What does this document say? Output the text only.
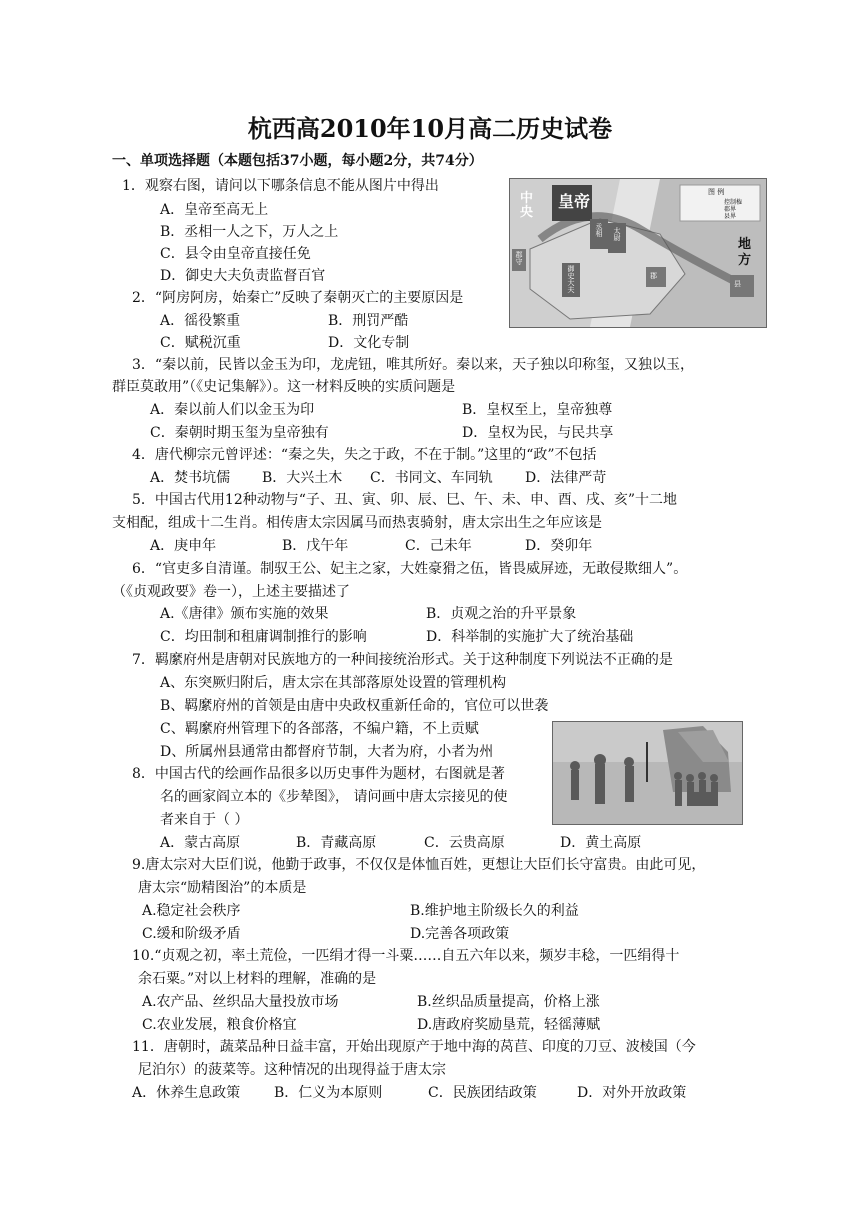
杭西高2010年10月高二历史试卷
一、单项选择题（本题包括37小题，每小题2分，共74分）
1．观察右图，请问以下哪条信息不能从图片中得出
A．皇帝至高无上
B．丞相一人之下，万人之上
C．县令由皇帝直接任免
D．御史大夫负责监督百官
中
央
皇帝
丞相 太尉
郡守
御史大夫	郡
县
图 例
控制権
郡界
县界
地
方
2．“阿房阿房，始秦亡”反映了秦朝灭亡的主要原因是
A．徭役繁重	B．刑罚严酷
C．赋税沉重	D．文化专制
3．“秦以前，民皆以金玉为印，龙虎钮，唯其所好。秦以来，天子独以印称玺，又独以玉，
群臣莫敢用”（《史记集解》）。这一材料反映的实质问题是
A．秦以前人们以金玉为印	B．皇权至上，皇帝独尊
C．秦朝时期玉玺为皇帝独有	D．皇权为民，与民共享
4．唐代柳宗元曾评述：“秦之失，失之于政，不在于制。”这里的“政”不包括
A．焚书坑儒 B．大兴土木 C．书同文、车同轨 D．法律严苛
5．中国古代用12种动物与“子、丑、寅、卯、辰、巳、午、未、申、酉、戌、亥”十二地
支相配，组成十二生肖。相传唐太宗因属马而热衷骑射，唐太宗出生之年应该是
A．庚申年	B．戊午年	C．己未年	D．癸卯年
6．“官吏多自清谨。制驭王公、妃主之家，大姓豪猾之伍，皆畏威屏迹，无敢侵欺细人”。
（《贞观政要》卷一），上述主要描述了
A.《唐律》颁布实施的效果	B．贞观之治的升平景象
C．均田制和租庸调制推行的影响	D．科举制的实施扩大了统治基础
7．羁縻府州是唐朝对民族地方的一种间接统治形式。关于这种制度下列说法不正确的是
A、东突厥归附后，唐太宗在其部落原处设置的管理机构
B、羁縻府州的首领是由唐中央政权重新任命的，官位可以世袭
C、羁縻府州管理下的各部落，不编户籍，不上贡赋
D、所属州县通常由都督府节制，大者为府，小者为州
8．中国古代的绘画作品很多以历史事件为题材，右图就是著
名的画家阎立本的《步辇图》， 请问画中唐太宗接见的使
者来自于（ ）
A．蒙古高原	B．青藏高原	C．云贵高原	D．黄土高原
9.唐太宗对大臣们说，他勤于政事，不仅仅是体恤百姓，更想让大臣们长守富贵。由此可见，
唐太宗“励精图治”的本质是
A.稳定社会秩序	B.维护地主阶级长久的利益
C.缓和阶级矛盾	D.完善各项政策
10.“贞观之初，率土荒俭，一匹绢才得一斗粟……自五六年以来，频岁丰稔，一匹绢得十
余石粟。”对以上材料的理解，准确的是
A.农产品、丝织品大量投放市场	B.丝织品质量提高，价格上涨
C.农业发展，粮食价格宜	D.唐政府奖励垦荒，轻徭薄赋
11．唐朝时，蔬菜品种日益丰富，开始出现原产于地中海的莴苣、印度的刀豆、波棱国（今
尼泊尔）的菠菜等。这种情况的出现得益于唐太宗
A．休养生息政策 B．仁义为本原则	C．民族团结政策	D．对外开放政策
